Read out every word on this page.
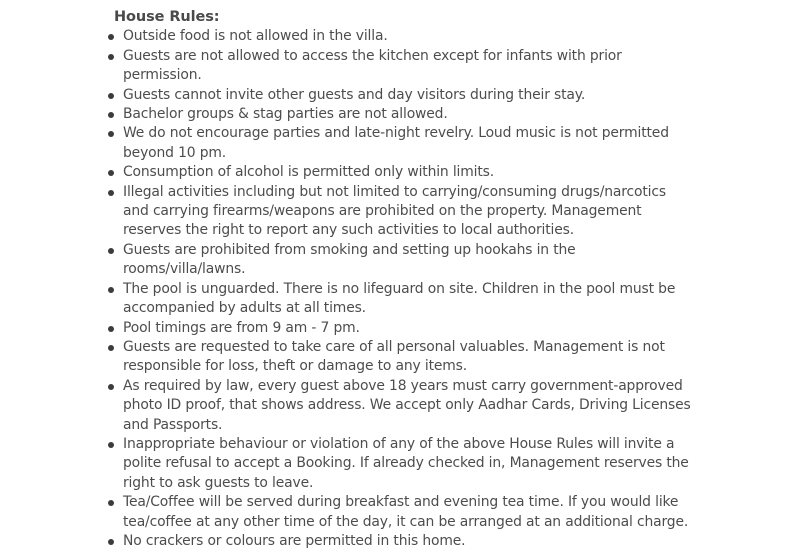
House Rules:
Outside food is not allowed in the villa.
Guests are not allowed to access the kitchen except for infants with prior permission.
Guests cannot invite other guests and day visitors during their stay.
Bachelor groups & stag parties are not allowed.
We do not encourage parties and late-night revelry. Loud music is not permitted beyond 10 pm.
Consumption of alcohol is permitted only within limits.
Illegal activities including but not limited to carrying/consuming drugs/narcotics and carrying firearms/weapons are prohibited on the property. Management reserves the right to report any such activities to local authorities.
Guests are prohibited from smoking and setting up hookahs in the rooms/villa/lawns.
The pool is unguarded. There is no lifeguard on site. Children in the pool must be accompanied by adults at all times.
Pool timings are from 9 am - 7 pm.
Guests are requested to take care of all personal valuables. Management is not responsible for loss, theft or damage to any items.
As required by law, every guest above 18 years must carry government-approved photo ID proof, that shows address. We accept only Aadhar Cards, Driving Licenses and Passports.
Inappropriate behaviour or violation of any of the above House Rules will invite a polite refusal to accept a Booking. If already checked in, Management reserves the right to ask guests to leave.
Tea/Coffee will be served during breakfast and evening tea time. If you would like tea/coffee at any other time of the day, it can be arranged at an additional charge.
No crackers or colours are permitted in this home.
